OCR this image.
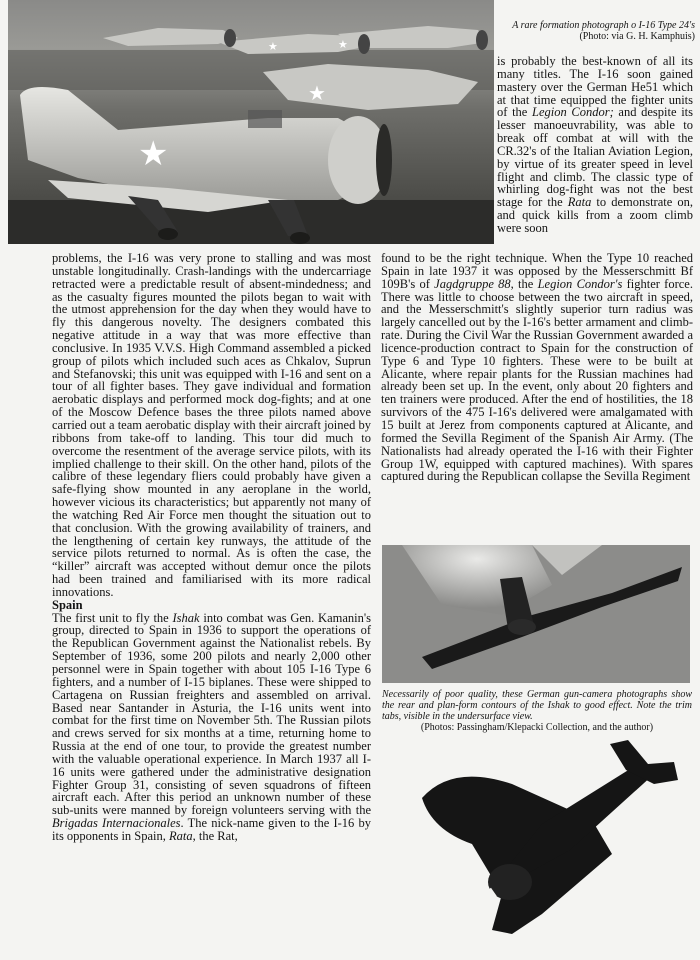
★
★
★
★
A rare formation photograph o I-16 Type 24's (Photo: via G. H. Kamphuis)

is probably the best-known of all its many titles. The I-16 soon gained mastery over the German He51 which at that time equipped the fighter units of the Legion Condor; and despite its lesser manoeuvrability, was able to break off combat at will with the CR.32's of the Italian Aviation Legion, by virtue of its greater speed in level flight and climb. The classic type of whirling dog-fight was not the best stage for the Rata to demonstrate on, and quick kills from a zoom climb were soon

found to be the right technique. When the Type 10 reached Spain in late 1937 it was opposed by the Messerschmitt Bf 109B's of Jagdgruppe 88, the Legion Condor's fighter force. There was little to choose between the two aircraft in speed, and the Messerschmitt's slightly superior turn radius was largely cancelled out by the I-16's better armament and climb-rate. During the Civil War the Russian Government awarded a licence-production contract to Spain for the construction of Type 6 and Type 10 fighters. These were to be built at Alicante, where repair plants for the Russian machines had already been set up. In the event, only about 20 fighters and ten trainers were produced. After the end of hostilities, the 18 survivors of the 475 I-16's delivered were amalgamated with 15 built at Jerez from components captured at Alicante, and formed the Sevilla Regiment of the Spanish Air Army. (The Nationalists had already operated the I-16 with their Fighter Group 1W, equipped with captured machines). With spares captured during the Republican collapse the Sevilla Regiment

Necessarily of poor quality, these German gun-camera photographs show the rear and plan-form contours of the Ishak to good effect. Note the trim tabs, visible in the undersurface view.
(Photos: Passingham/Klepacki Collection, and the author)

problems, the I-16 was very prone to stalling and was most unstable longitudinally. Crash-landings with the undercarriage retracted were a predictable result of absent-mindedness; and as the casualty figures mounted the pilots began to wait with the utmost apprehension for the day when they would have to fly this dangerous novelty. The designers combated this negative attitude in a way that was more effective than conclusive. In 1935 V.V.S. High Command assembled a picked group of pilots which included such aces as Chkalov, Suprun and Stefanovski; this unit was equipped with I-16 and sent on a tour of all fighter bases. They gave individual and formation aerobatic displays and performed mock dog-fights; and at one of the Moscow Defence bases the three pilots named above carried out a team aerobatic display with their aircraft joined by ribbons from take-off to landing. This tour did much to overcome the resentment of the average service pilots, with its implied challenge to their skill. On the other hand, pilots of the calibre of these legendary fliers could probably have given a safe-flying show mounted in any aeroplane in the world, however vicious its characteristics; but apparently not many of the watching Red Air Force men thought the situation out to that conclusion. With the growing availability of trainers, and the lengthening of certain key runways, the attitude of the service pilots returned to normal. As is often the case, the “killer” aircraft was accepted without demur once the pilots had been trained and familiarised with its more radical innovations.

Spain

The first unit to fly the Ishak into combat was Gen. Kamanin's group, directed to Spain in 1936 to support the operations of the Republican Government against the Nationalist rebels. By September of 1936, some 200 pilots and nearly 2,000 other personnel were in Spain together with about 105 I-16 Type 6 fighters, and a number of I-15 biplanes. These were shipped to Cartagena on Russian freighters and assembled on arrival. Based near Santander in Asturia, the I-16 units went into combat for the first time on November 5th. The Russian pilots and crews served for six months at a time, returning home to Russia at the end of one tour, to provide the greatest number with the valuable operational experience. In March 1937 all I-16 units were gathered under the administrative designation Fighter Group 31, consisting of seven squadrons of fifteen aircraft each. After this period an unknown number of these sub-units were manned by foreign volunteers serving with the Brigadas Internacionales. The nick-name given to the I-16 by its opponents in Spain, Rata, the Rat,
